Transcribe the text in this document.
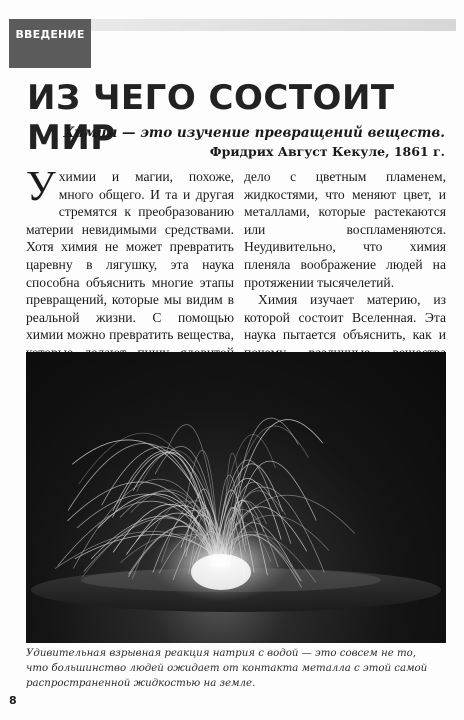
ВВЕДЕНИЕ
ИЗ ЧЕГО СОСТОИТ МИР
Химия — это изучение превращений веществ.
Фридрих Август Кекуле, 1861 г.

Ухимии и магии, похоже, много общего. И та и другая стремятся к преобразованию материи невидимыми средствами. Хотя химия не может превратить царевну в лягушку, эта наука способна объяснить многие этапы превращений, которые мы видим в реальной жизни. С помощью химии можно превратить вещества,

дело с цветным пламенем, жидкостями, что меняют цвет, и металлами, которые растекаются или воспламеняются. Неудивительно, что химия пленяла воображение людей на протяжении тысячелетий.

Химия изучает материю, из которой состоит Вселенная. Эта наука пытается объяснить, как и

Удивительная взрывная реакция натрия с водой — это совсем не то,

что большинство людей ожидает от контакта металла с этой самой

распространенной жидкостью на земле.

8
